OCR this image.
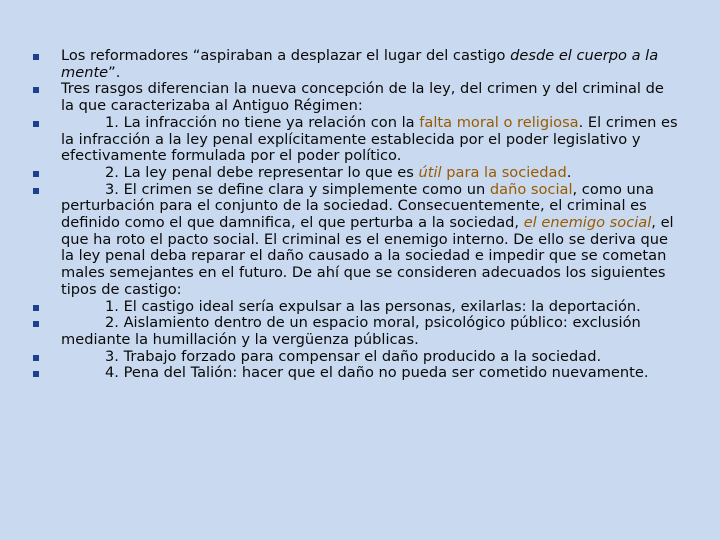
Los reformadores “aspiraban a desplazar el lugar del castigo desde el cuerpo a la mente”.
Tres rasgos diferencian la nueva concepción de la ley, del crimen y del criminal de la que caracterizaba al Antiguo Régimen:
1. La infracción no tiene ya relación con la falta moral o religiosa. El crimen es la infracción a la ley penal explícitamente establecida por el poder legislativo y efectivamente formulada por el poder político.
2. La ley penal debe representar lo que es útil para la sociedad.
3. El crimen se define clara y simplemente como un daño social, como una perturbación para el conjunto de la sociedad. Consecuentemente, el criminal es definido como el que damnifica, el que perturba a la sociedad, el enemigo social, el que ha roto el pacto social. El criminal es el enemigo interno. De ello se deriva que la ley penal deba reparar el daño causado a la sociedad e impedir que se cometan males semejantes en el futuro. De ahí que se consideren adecuados los siguientes tipos de castigo:
1. El castigo ideal sería expulsar a las personas, exilarlas: la deportación.
2. Aislamiento dentro de un espacio moral, psicológico público: exclusión mediante la humillación y la vergüenza públicas.
3. Trabajo forzado para compensar el daño producido a la sociedad.
4. Pena del Talión: hacer que el daño no pueda ser cometido nuevamente.
